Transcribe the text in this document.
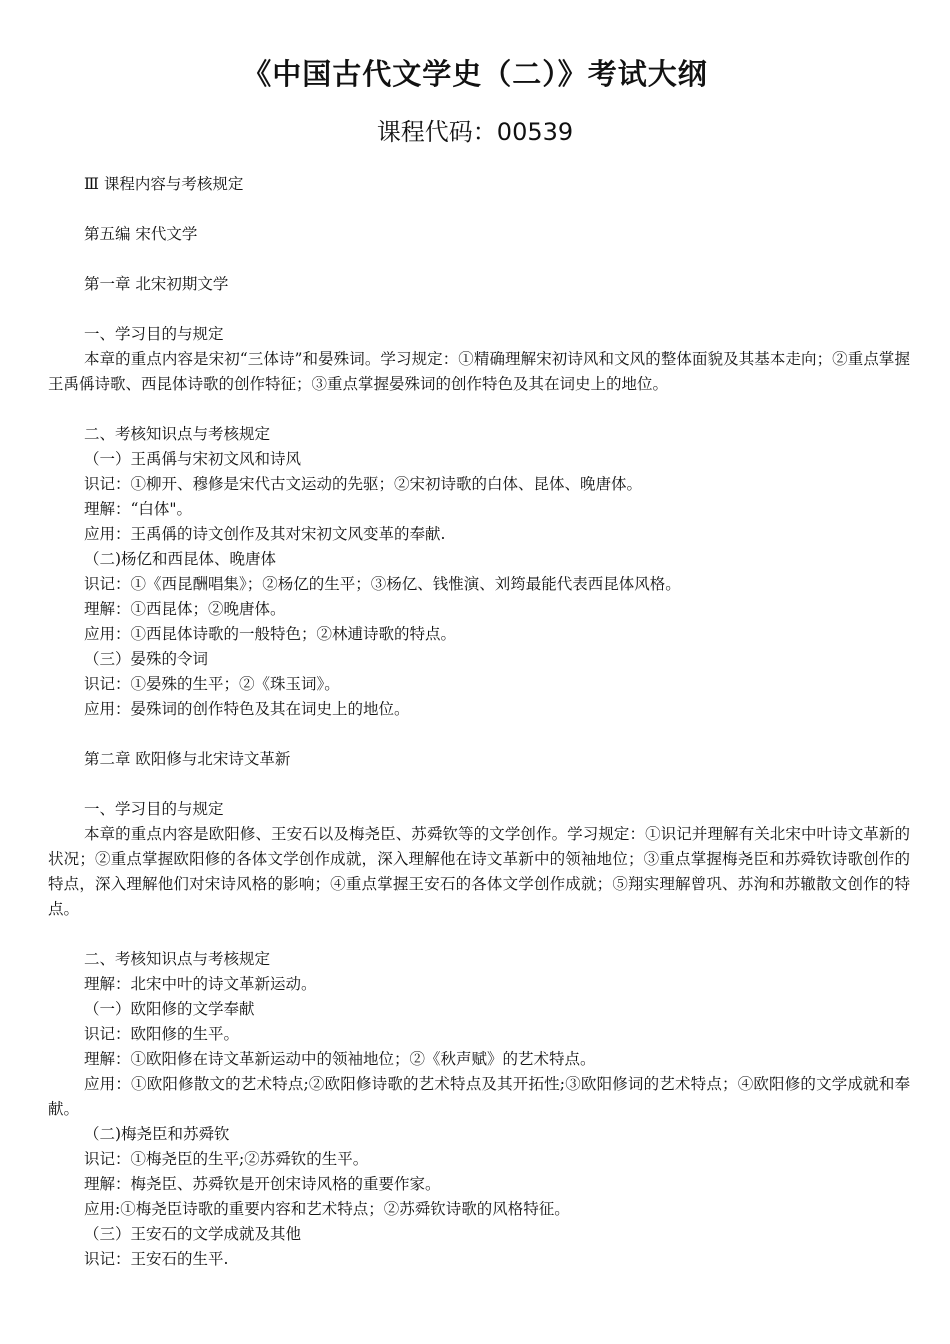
《中国古代文学史（二）》考试大纲
课程代码：00539

Ⅲ 课程内容与考核规定

第五编 宋代文学

第一章 北宋初期文学

一、学习目的与规定

本章的重点内容是宋初“三体诗”和晏殊词。学习规定：①精确理解宋初诗风和文风的整体面貌及其基本走向；②重点掌握王禹偁诗歌、西昆体诗歌的创作特征；③重点掌握晏殊词的创作特色及其在词史上的地位。

二、考核知识点与考核规定

（一）王禹偁与宋初文风和诗风

识记：①柳开、穆修是宋代古文运动的先驱；②宋初诗歌的白体、昆体、晚唐体。

理解：“白体"。

应用：王禹偁的诗文创作及其对宋初文风变革的奉献.

（二)杨亿和西昆体、晚唐体

识记：①《西昆酬唱集》；②杨亿的生平；③杨亿、钱惟演、刘筠最能代表西昆体风格。

理解：①西昆体；②晚唐体。

应用：①西昆体诗歌的一般特色；②林逋诗歌的特点。

（三）晏殊的令词

识记：①晏殊的生平；②《珠玉词》。

应用：晏殊词的创作特色及其在词史上的地位。

第二章 欧阳修与北宋诗文革新

一、学习目的与规定

本章的重点内容是欧阳修、王安石以及梅尧臣、苏舜钦等的文学创作。学习规定：①识记并理解有关北宋中叶诗文革新的状况；②重点掌握欧阳修的各体文学创作成就，深入理解他在诗文革新中的领袖地位；③重点掌握梅尧臣和苏舜钦诗歌创作的特点，深入理解他们对宋诗风格的影响；④重点掌握王安石的各体文学创作成就；⑤翔实理解曾巩、苏洵和苏辙散文创作的特点。

二、考核知识点与考核规定

理解：北宋中叶的诗文革新运动。

（一）欧阳修的文学奉献

识记：欧阳修的生平。

理解：①欧阳修在诗文革新运动中的领袖地位；②《秋声赋》的艺术特点。

应用：①欧阳修散文的艺术特点;②欧阳修诗歌的艺术特点及其开拓性;③欧阳修词的艺术特点；④欧阳修的文学成就和奉献。

（二)梅尧臣和苏舜钦

识记：①梅尧臣的生平;②苏舜钦的生平。

理解：梅尧臣、苏舜钦是开创宋诗风格的重要作家。

应用:①梅尧臣诗歌的重要内容和艺术特点；②苏舜钦诗歌的风格特征。

（三）王安石的文学成就及其他

识记：王安石的生平.
